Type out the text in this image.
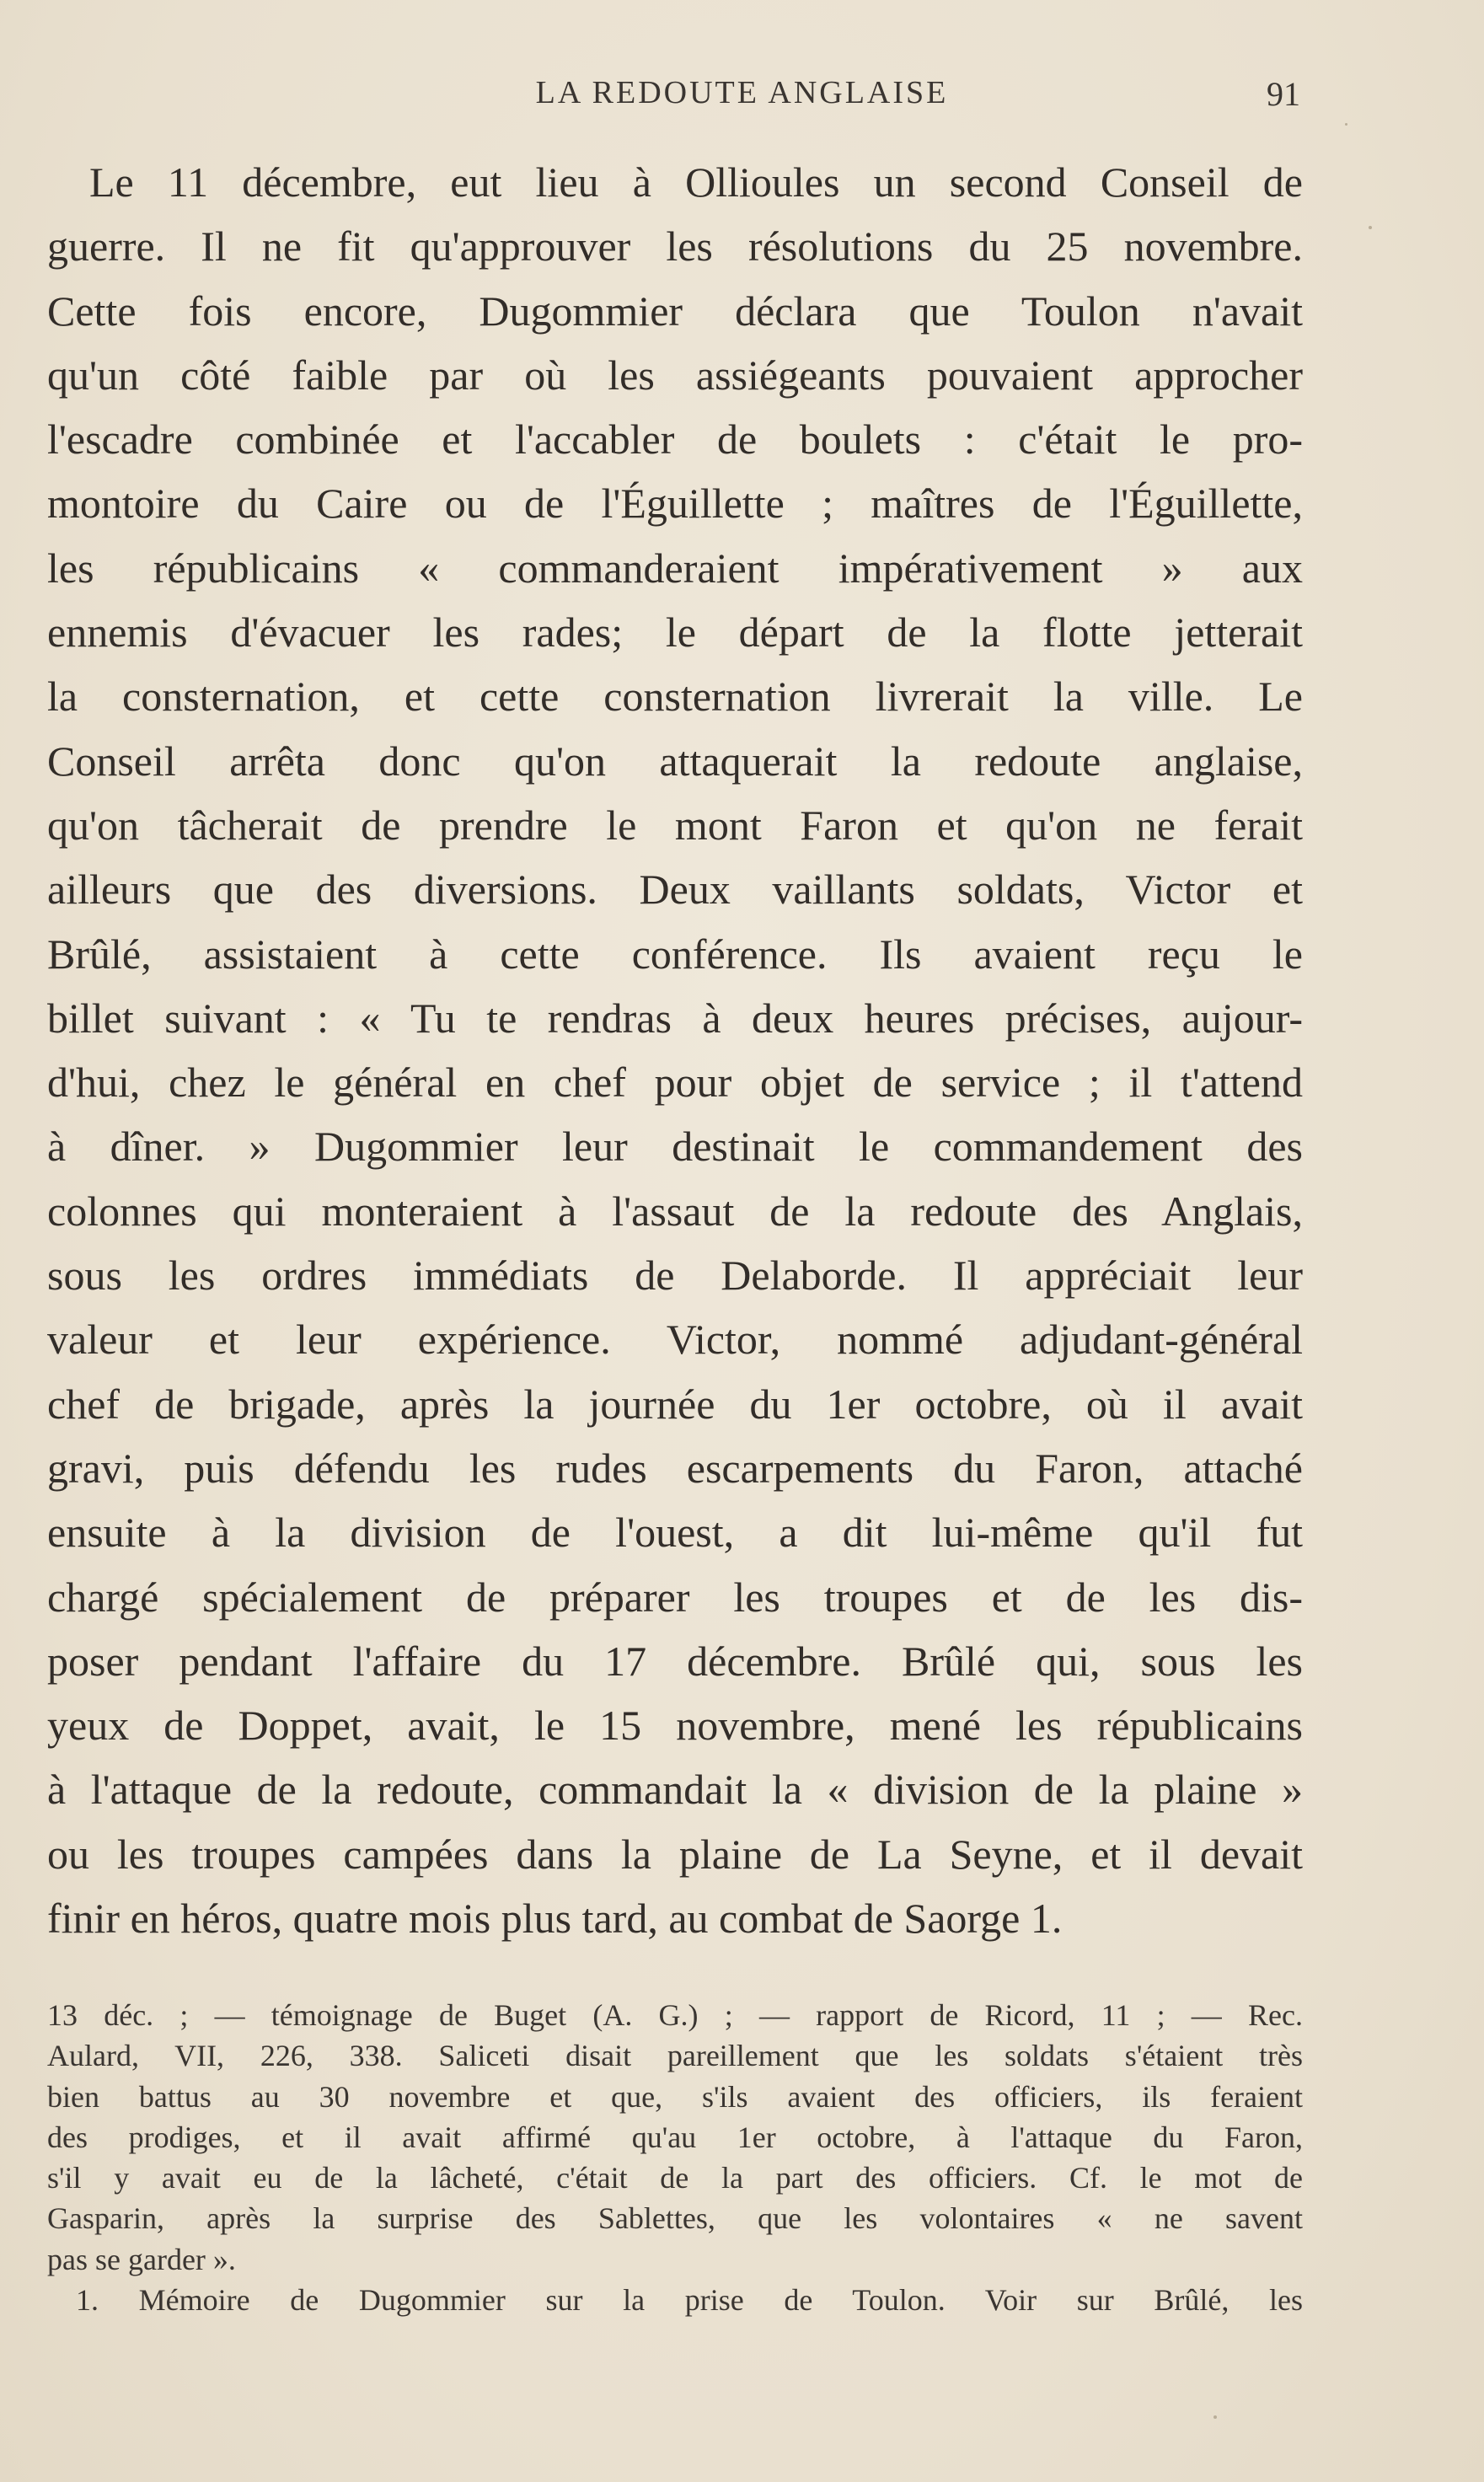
LA REDOUTE ANGLAISE	91
Le 11 décembre, eut lieu à Ollioules un second Conseil de
guerre. Il ne fit qu'approuver les résolutions du 25 novembre.
Cette fois encore, Dugommier déclara que Toulon n'avait
qu'un côté faible par où les assiégeants pouvaient approcher
l'escadre combinée et l'accabler de boulets : c'était le pro-
montoire du Caire ou de l'Éguillette ; maîtres de l'Éguillette,
les républicains « commanderaient impérativement » aux
ennemis d'évacuer les rades; le départ de la flotte jetterait
la consternation, et cette consternation livrerait la ville. Le
Conseil arrêta donc qu'on attaquerait la redoute anglaise,
qu'on tâcherait de prendre le mont Faron et qu'on ne ferait
ailleurs que des diversions. Deux vaillants soldats, Victor et
Brûlé, assistaient à cette conférence. Ils avaient reçu le
billet suivant : « Tu te rendras à deux heures précises, aujour-
d'hui, chez le général en chef pour objet de service ; il t'attend
à dîner. » Dugommier leur destinait le commandement des
colonnes qui monteraient à l'assaut de la redoute des Anglais,
sous les ordres immédiats de Delaborde. Il appréciait leur
valeur et leur expérience. Victor, nommé adjudant-général
chef de brigade, après la journée du 1er octobre, où il avait
gravi, puis défendu les rudes escarpements du Faron, attaché
ensuite à la division de l'ouest, a dit lui-même qu'il fut
chargé spécialement de préparer les troupes et de les dis-
poser pendant l'affaire du 17 décembre. Brûlé qui, sous les
yeux de Doppet, avait, le 15 novembre, mené les républicains
à l'attaque de la redoute, commandait la « division de la plaine »
ou les troupes campées dans la plaine de La Seyne, et il devait
finir en héros, quatre mois plus tard, au combat de Saorge 1.
13 déc. ; — témoignage de Buget (A. G.) ; — rapport de Ricord, 11 ; — Rec.
Aulard, VII, 226, 338. Saliceti disait pareillement que les soldats s'étaient très
bien battus au 30 novembre et que, s'ils avaient des officiers, ils feraient
des prodiges, et il avait affirmé qu'au 1er octobre, à l'attaque du Faron,
s'il y avait eu de la lâcheté, c'était de la part des officiers. Cf. le mot de
Gasparin, après la surprise des Sablettes, que les volontaires « ne savent
pas se garder ».
1. Mémoire de Dugommier sur la prise de Toulon. Voir sur Brûlé, les
